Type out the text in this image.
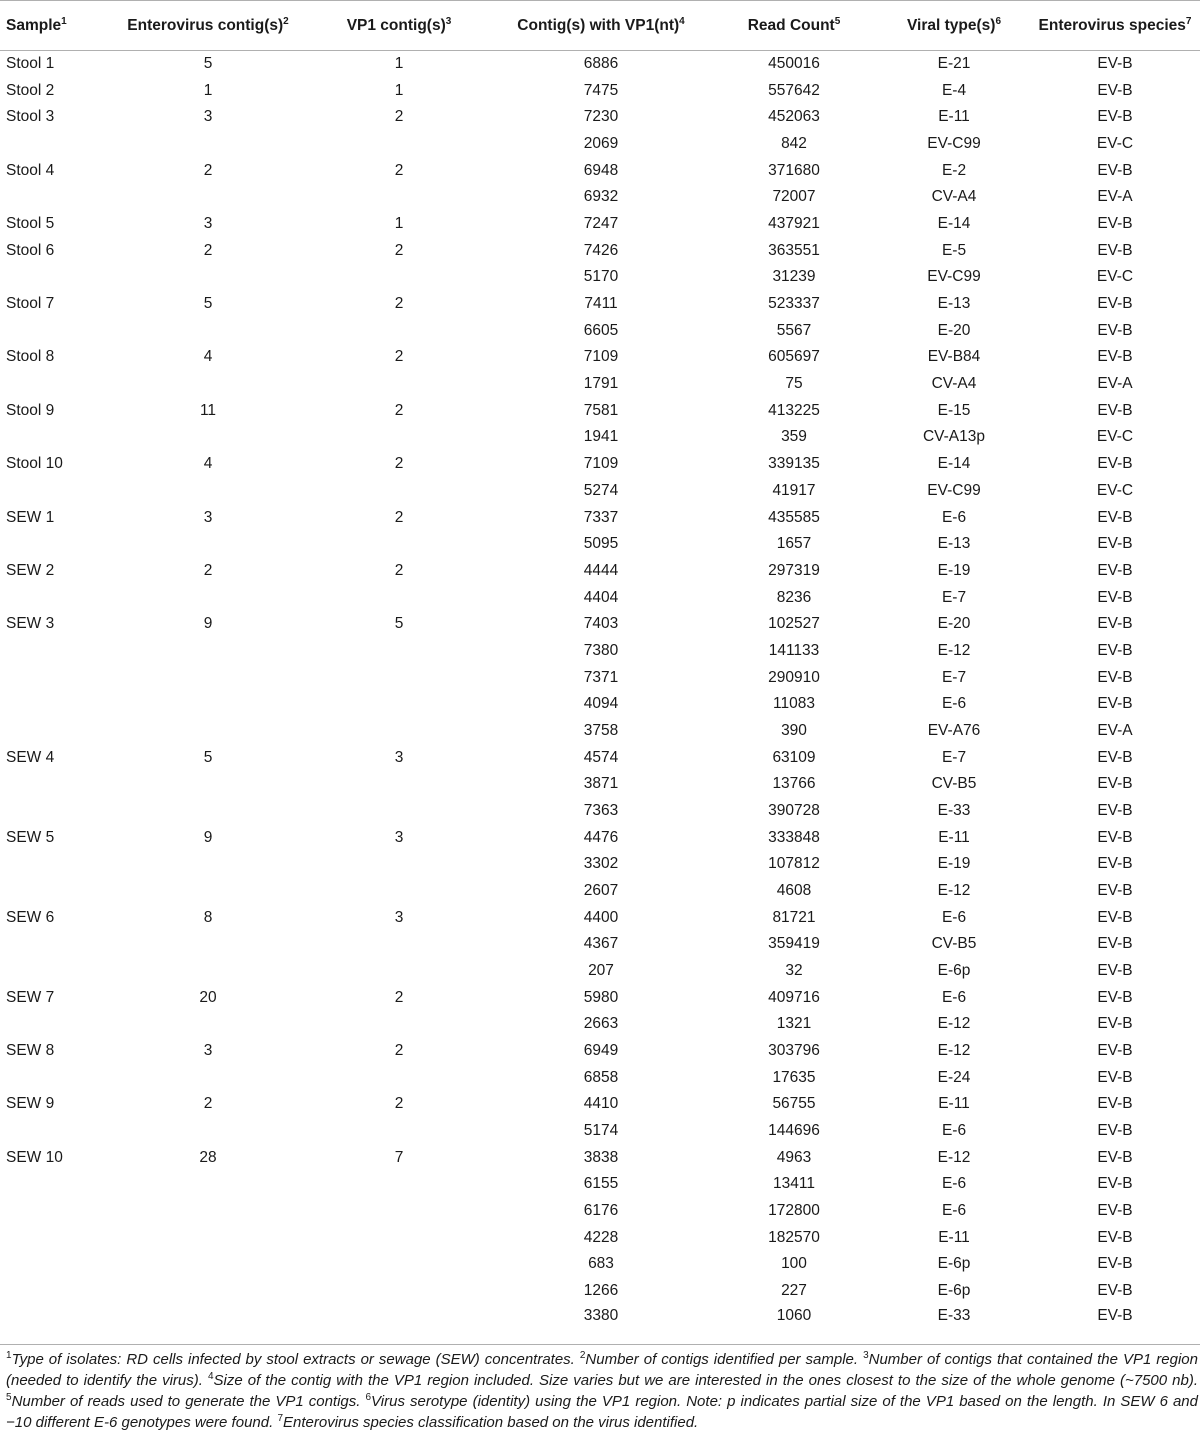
Sample$^1$	Enterovirus $contig(s)^2$	VP1 $contig(s)^3$	Contig(s) with VP1(nt)$^4$	Read Count$^5$	Viral $type(s)^6$	Enterovirus species$^7$
Stool 1	5	1	6886	450016	E-21	EV-B
Stool 2	1	1	7475	557642	E-4	EV-B
Stool 3	3	2	7230	452063	E-11	EV-B
			2069	842	EV-C99	EV-C
Stool 4	2	2	6948	371680	E-2	EV-B
			6932	72007	CV-A4	EV-A
Stool 5	3	1	7247	437921	E-14	EV-B
Stool 6	2	2	7426	363551	E-5	EV-B
			5170	31239	EV-C99	EV-C
Stool 7	5	2	7411	523337	E-13	EV-B
			6605	5567	E-20	EV-B
Stool 8	4	2	7109	605697	EV-B84	EV-B
			1791	75	CV-A4	EV-A
Stool 9	11	2	7581	413225	E-15	EV-B
			1941	359	CV-A13p	EV-C
Stool 10	4	2	7109	339135	E-14	EV-B
			5274	41917	EV-C99	EV-C
SEW 1	3	2	7337	435585	E-6	EV-B
			5095	1657	E-13	EV-B
SEW 2	2	2	4444	297319	E-19	EV-B
			4404	8236	E-7	EV-B
SEW 3	9	5	7403	102527	E-20	EV-B
			7380	141133	E-12	EV-B
			7371	290910	E-7	EV-B
			4094	11083	E-6	EV-B
			3758	390	EV-A76	EV-A
SEW 4	5	3	4574	63109	E-7	EV-B
			3871	13766	CV-B5	EV-B
			7363	390728	E-33	EV-B
SEW 5	9	3	4476	333848	E-11	EV-B
			3302	107812	E-19	EV-B
			2607	4608	E-12	EV-B
SEW 6	8	3	4400	81721	E-6	EV-B
			4367	359419	CV-B5	EV-B
			207	32	E-6p	EV-B
SEW 7	20	2	5980	409716	E-6	EV-B
			2663	1321	E-12	EV-B
SEW 8	3	2	6949	303796	E-12	EV-B
			6858	17635	E-24	EV-B
SEW 9	2	2	4410	56755	E-11	EV-B
			5174	144696	E-6	EV-B
SEW 10	28	7	3838	4963	E-12	EV-B
			6155	13411	E-6	EV-B
			6176	172800	E-6	EV-B
			4228	182570	E-11	EV-B
			683	100	E-6p	EV-B
			1266	227	E-6p	EV-B
			3380	1060	E-33	EV-B
$^1$Type of isolates: RD cells infected by stool extracts or sewage (SEW) concentrates. $^2$Number of contigs identified per sample. $^3$Number of contigs that contained the VP1 region (needed to identify the virus). $^4$Size of the contig with the VP1 region included. Size varies but we are interested in the ones closest to the size of the whole genome (~7500 nb). $^5$Number of reads used to generate the VP1 contigs. $^6$Virus serotype (identity) using the VP1 region. Note: p indicates partial size of the VP1 based on the length. In SEW 6 and −10 different E-6 genotypes were found. $^7$Enterovirus species classification based on the virus identified.
